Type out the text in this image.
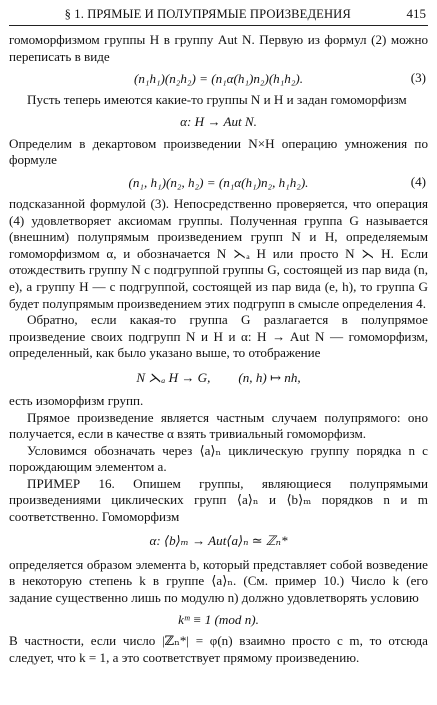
§ 1. ПРЯМЫЕ И ПОЛУПРЯМЫЕ ПРОИЗВЕДЕНИЯ	415

гомоморфизмом группы H в группу Aut N. Первую из формул (2) можно переписать в виде

(n₁h₁)(n₂h₂) = (n₁α(h₁)n₂)(h₁h₂).	(3)

Пусть теперь имеются какие-то группы N и H и задан гомоморфизм

α: H → Aut N.

Определим в декартовом произведении N×H операцию умножения по формуле

(n₁, h₁)(n₂, h₂) = (n₁α(h₁)n₂, h₁h₂).	(4)

подсказанной формулой (3). Непосредственно проверяется, что операция (4) удовлетворяет аксиомам группы. Полученная группа G называется (внешним) полупрямым произведением групп N и H, определяемым гомоморфизмом α, и обозначается N ⋋ₐ H или просто N ⋋ H. Если отождествить группу N с подгруппой группы G, состоящей из пар вида (n, e), а группу H — с подгруппой, состоящей из пар вида (e, h), то группа G будет полупрямым произведением этих подгрупп в смысле определения 4.

Обратно, если какая-то группа G разлагается в полупрямое произведение своих подгрупп N и H и α: H → Aut N — гомоморфизм, определенный, как было указано выше, то отображение

N ⋋ₐ H → G, (n, h) ↦ nh,

есть изоморфизм групп.

Прямое произведение является частным случаем полупрямого: оно получается, если в качестве α взять тривиальный гомоморфизм.

Условимся обозначать через ⟨a⟩ₙ циклическую группу порядка n с порождающим элементом a.

ПРИМЕР 16. Опишем группы, являющиеся полупрямыми произведениями циклических групп ⟨a⟩ₙ и ⟨b⟩ₘ порядков n и m соответственно. Гомоморфизм

α: ⟨b⟩ₘ → Aut⟨a⟩ₙ ≃ ℤₙ*

определяется образом элемента b, который представляет собой возведение в некоторую степень k в группе ⟨a⟩ₙ. (См. пример 10.) Число k (его задание существенно лишь по модулю n) должно удовлетворять условию

kᵐ ≡ 1 (mod n).

В частности, если число |ℤₙ*| = φ(n) взаимно просто с m, то отсюда следует, что k = 1, а это соответствует прямому произведению.
